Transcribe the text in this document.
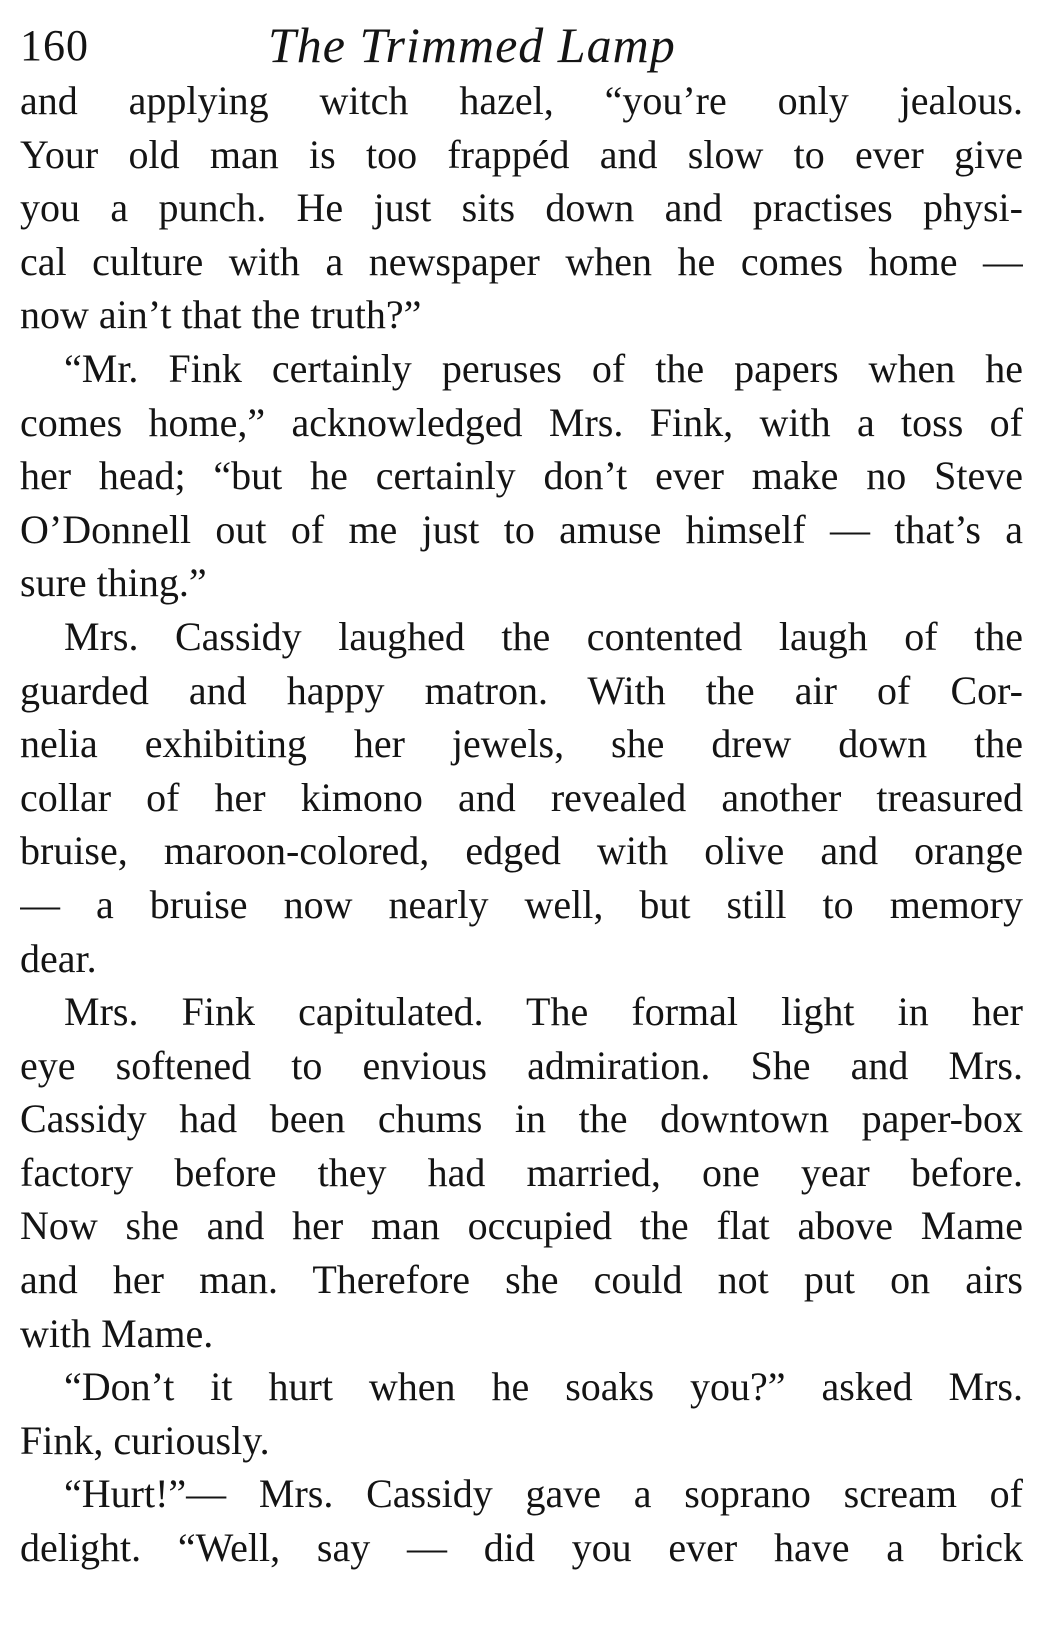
160	The Trimmed Lamp
and applying witch hazel, “you’re only jealous.
Your old man is too frappéd and slow to ever give
you a punch. He just sits down and practises physi-
cal culture with a newspaper when he comes home —
now ain’t that the truth?”
“Mr. Fink certainly peruses of the papers when he
comes home,” acknowledged Mrs. Fink, with a toss of
her head; “but he certainly don’t ever make no Steve
O’Donnell out of me just to amuse himself — that’s a
sure thing.”
Mrs. Cassidy laughed the contented laugh of the
guarded and happy matron. With the air of Cor-
nelia exhibiting her jewels, she drew down the
collar of her kimono and revealed another treasured
bruise, maroon-colored, edged with olive and orange
— a bruise now nearly well, but still to memory
dear.
Mrs. Fink capitulated. The formal light in her
eye softened to envious admiration. She and Mrs.
Cassidy had been chums in the downtown paper-box
factory before they had married, one year before.
Now she and her man occupied the flat above Mame
and her man. Therefore she could not put on airs
with Mame.
“Don’t it hurt when he soaks you?” asked Mrs.
Fink, curiously.
“Hurt!”— Mrs. Cassidy gave a soprano scream of
delight. “Well, say — did you ever have a brick
